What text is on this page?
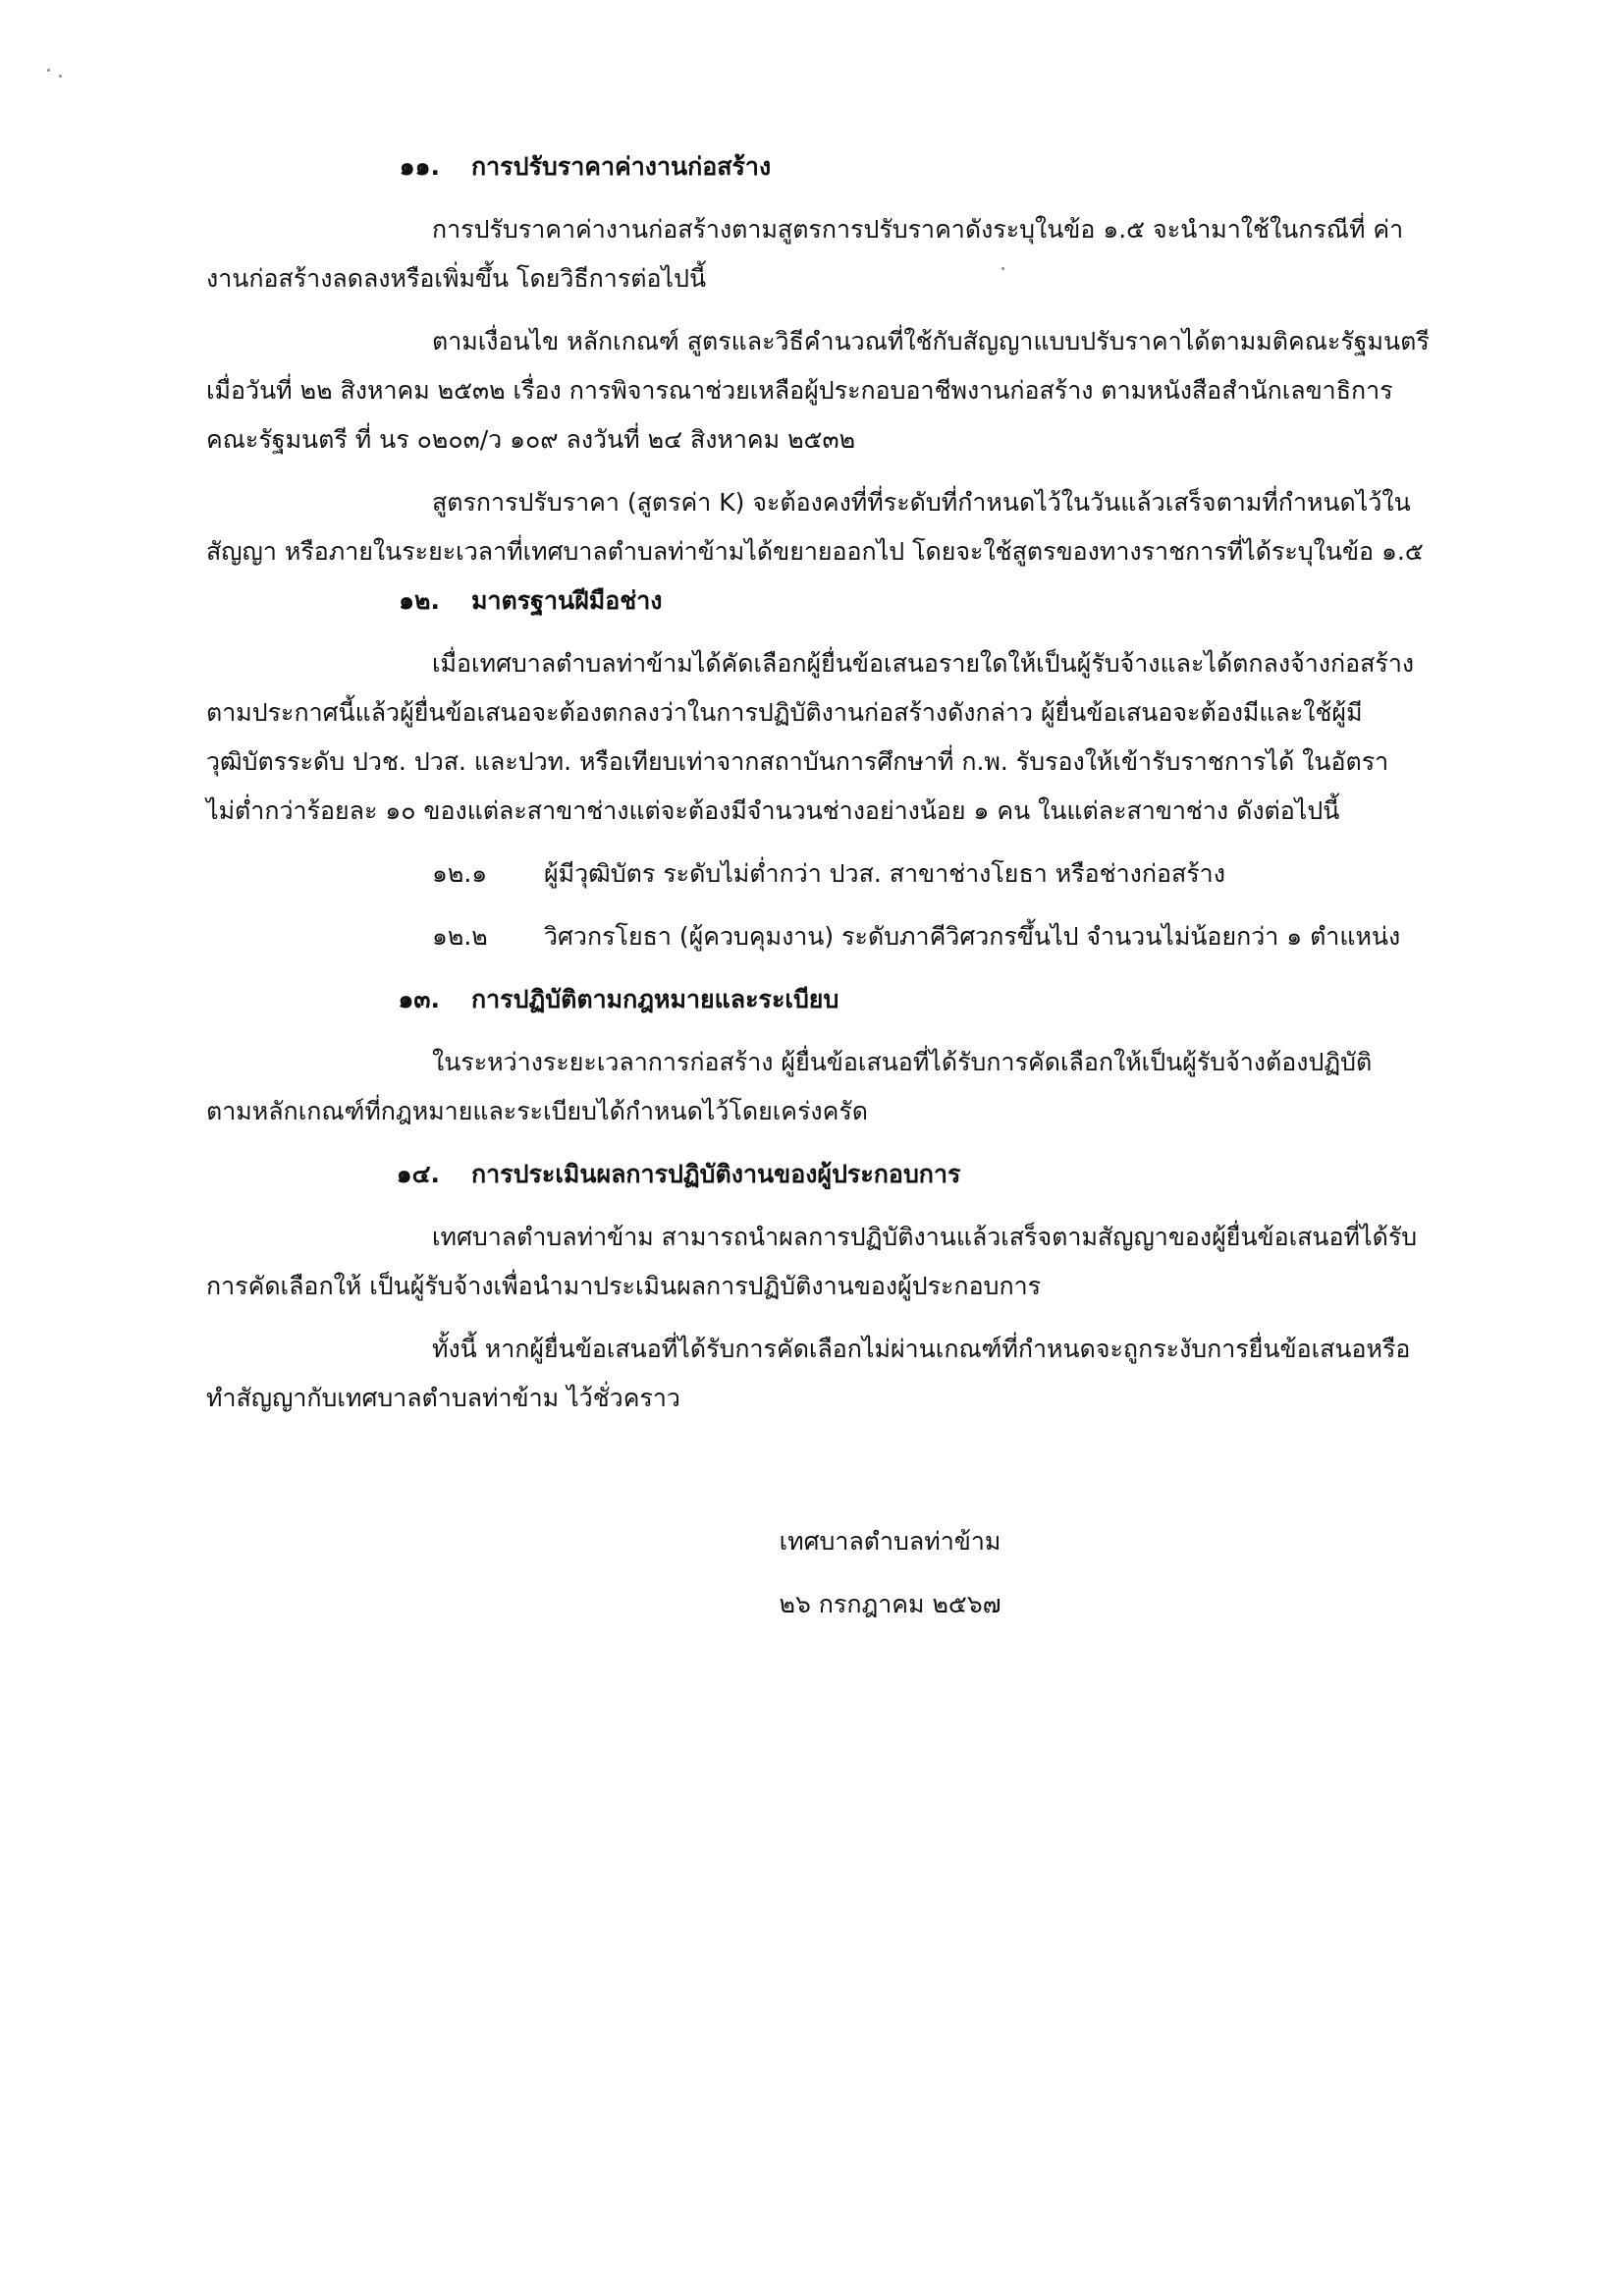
๑๑. การปรับราคาค่างานก่อสร้าง

การปรับราคาค่างานก่อสร้างตามสูตรการปรับราคาดังระบุในข้อ ๑.๕ จะนำมาใช้ในกรณีที่ ค่า
งานก่อสร้างลดลงหรือเพิ่มขึ้น โดยวิธีการต่อไปนี้

ตามเงื่อนไข หลักเกณฑ์ สูตรและวิธีคำนวณที่ใช้กับสัญญาแบบปรับราคาได้ตามมติคณะรัฐมนตรี
เมื่อวันที่ ๒๒ สิงหาคม ๒๕๓๒ เรื่อง การพิจารณาช่วยเหลือผู้ประกอบอาชีพงานก่อสร้าง ตามหนังสือสำนักเลขาธิการ
คณะรัฐมนตรี ที่ นร ๐๒๐๓/ว ๑๐๙ ลงวันที่ ๒๔ สิงหาคม ๒๕๓๒

สูตรการปรับราคา (สูตรค่า K) จะต้องคงที่ที่ระดับที่กำหนดไว้ในวันแล้วเสร็จตามที่กำหนดไว้ใน
สัญญา หรือภายในระยะเวลาที่เทศบาลตำบลท่าข้ามได้ขยายออกไป โดยจะใช้สูตรของทางราชการที่ได้ระบุในข้อ ๑.๕

๑๒. มาตรฐานฝีมือช่าง

เมื่อเทศบาลตำบลท่าข้ามได้คัดเลือกผู้ยื่นข้อเสนอรายใดให้เป็นผู้รับจ้างและได้ตกลงจ้างก่อสร้าง
ตามประกาศนี้แล้วผู้ยื่นข้อเสนอจะต้องตกลงว่าในการปฏิบัติงานก่อสร้างดังกล่าว ผู้ยื่นข้อเสนอจะต้องมีและใช้ผู้มี
วุฒิบัตรระดับ ปวช. ปวส. และปวท. หรือเทียบเท่าจากสถาบันการศึกษาที่ ก.พ. รับรองให้เข้ารับราชการได้ ในอัตรา
ไม่ต่ำกว่าร้อยละ ๑๐ ของแต่ละสาขาช่างแต่จะต้องมีจำนวนช่างอย่างน้อย ๑ คน ในแต่ละสาขาช่าง ดังต่อไปนี้

๑๒.๑	ผู้มีวุฒิบัตร ระดับไม่ต่ำกว่า ปวส. สาขาช่างโยธา หรือช่างก่อสร้าง
๑๒.๒	วิศวกรโยธา (ผู้ควบคุมงาน) ระดับภาคีวิศวกรขึ้นไป จำนวนไม่น้อยกว่า ๑ ตำแหน่ง
๑๓. การปฏิบัติตามกฎหมายและระเบียบ

ในระหว่างระยะเวลาการก่อสร้าง ผู้ยื่นข้อเสนอที่ได้รับการคัดเลือกให้เป็นผู้รับจ้างต้องปฏิบัติ
ตามหลักเกณฑ์ที่กฎหมายและระเบียบได้กำหนดไว้โดยเคร่งครัด

๑๔. การประเมินผลการปฏิบัติงานของผู้ประกอบการ

เทศบาลตำบลท่าข้าม สามารถนำผลการปฏิบัติงานแล้วเสร็จตามสัญญาของผู้ยื่นข้อเสนอที่ได้รับ
การคัดเลือกให้ เป็นผู้รับจ้างเพื่อนำมาประเมินผลการปฏิบัติงานของผู้ประกอบการ

ทั้งนี้ หากผู้ยื่นข้อเสนอที่ได้รับการคัดเลือกไม่ผ่านเกณฑ์ที่กำหนดจะถูกระงับการยื่นข้อเสนอหรือ
ทำสัญญากับเทศบาลตำบลท่าข้าม ไว้ชั่วคราว

เทศบาลตำบลท่าข้าม
๒๖ กรกฎาคม ๒๕๖๗
